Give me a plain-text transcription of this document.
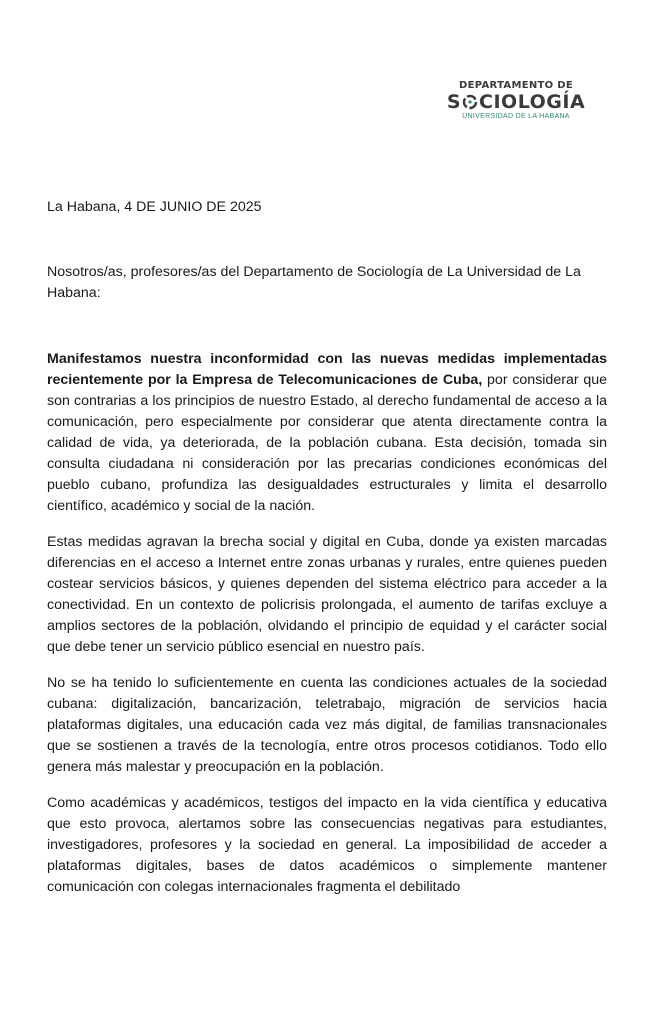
DEPARTAMENTO DE
S CIOLOGÍA
UNIVERSIDAD DE LA HABANA
La Habana, 4 DE JUNIO DE 2025

Nosotros/as, profesores/as del Departamento de Sociología de La Universidad de La Habana:

Manifestamos nuestra inconformidad con las nuevas medidas implementadas recientemente por la Empresa de Telecomunicaciones de Cuba, por considerar que son contrarias a los principios de nuestro Estado, al derecho fundamental de acceso a la comunicación, pero especialmente por considerar que atenta directamente contra la calidad de vida, ya deteriorada, de la población cubana. Esta decisión, tomada sin consulta ciudadana ni consideración por las precarias condiciones económicas del pueblo cubano, profundiza las desigualdades estructurales y limita el desarrollo científico, académico y social de la nación.

Estas medidas agravan la brecha social y digital en Cuba, donde ya existen marcadas diferencias en el acceso a Internet entre zonas urbanas y rurales, entre quienes pueden costear servicios básicos, y quienes dependen del sistema eléctrico para acceder a la conectividad. En un contexto de policrisis prolongada, el aumento de tarifas excluye a amplios sectores de la población, olvidando el principio de equidad y el carácter social que debe tener un servicio público esencial en nuestro país.

No se ha tenido lo suficientemente en cuenta las condiciones actuales de la sociedad cubana: digitalización, bancarización, teletrabajo, migración de servicios hacia plataformas digitales, una educación cada vez más digital, de familias transnacionales que se sostienen a través de la tecnología, entre otros procesos cotidianos. Todo ello genera más malestar y preocupación en la población.

Como académicas y académicos, testigos del impacto en la vida científica y educativa que esto provoca, alertamos sobre las consecuencias negativas para estudiantes, investigadores, profesores y la sociedad en general. La imposibilidad de acceder a plataformas digitales, bases de datos académicos o simplemente mantener comunicación con colegas internacionales fragmenta el debilitado
